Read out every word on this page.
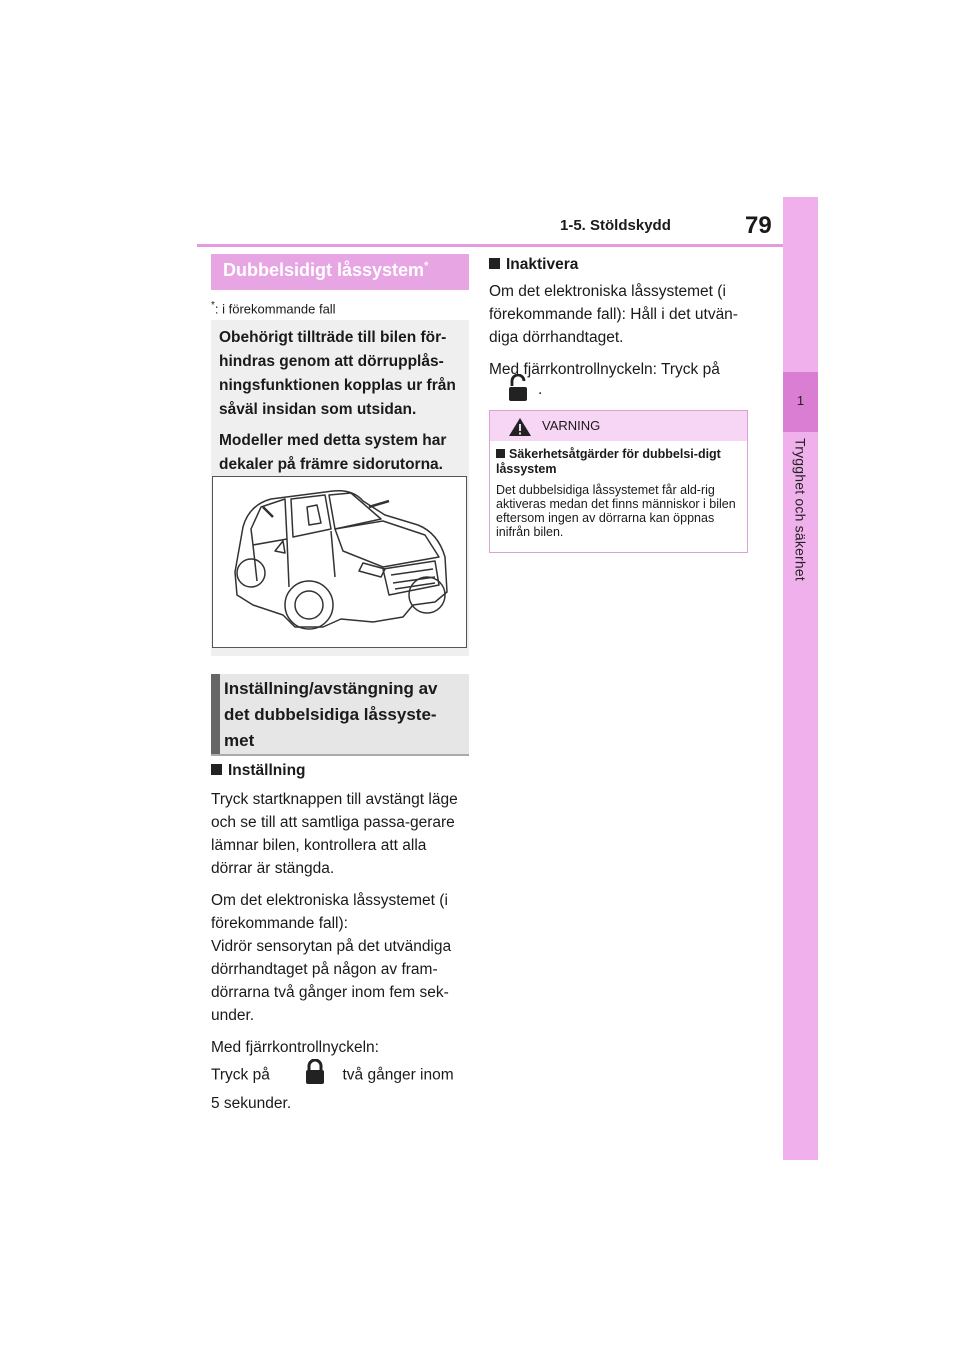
1-5. Stöldskydd	79
1
Trygghet och säkerhet
Dubbelsidigt låssystem*
*: i förekommande fall

Obehörigt tillträde till bilen för-hindras genom att dörrupplås-ningsfunktionen kopplas ur från såväl insidan som utsidan.

Modeller med detta system har dekaler på främre sidorutorna.

Inställning/avstängning av det dubbelsidiga låssyste-met
Inställning

Tryck startknappen till avstängt läge och se till att samtliga passa-gerare lämnar bilen, kontrollera att alla dörrar är stängda.

Om det elektroniska låssystemet (i förekommande fall):
Vidrör sensorytan på det utvändiga dörrhandtaget på någon av fram-dörrarna två gånger inom fem sek-under.

Med fjärrkontrollnyckeln:
Tryck på	två gånger inom
5 sekunder.

Inaktivera

Om det elektroniska låssystemet (i förekommande fall): Håll i det utvän-diga dörrhandtaget.

Med fjärrkontrollnyckeln: Tryck på

.
VARNING
Säkerhetsåtgärder för dubbelsi-digt låssystem
Det dubbelsidiga låssystemet får ald-rig aktiveras medan det finns människor i bilen eftersom ingen av dörrarna kan öppnas inifrån bilen.
